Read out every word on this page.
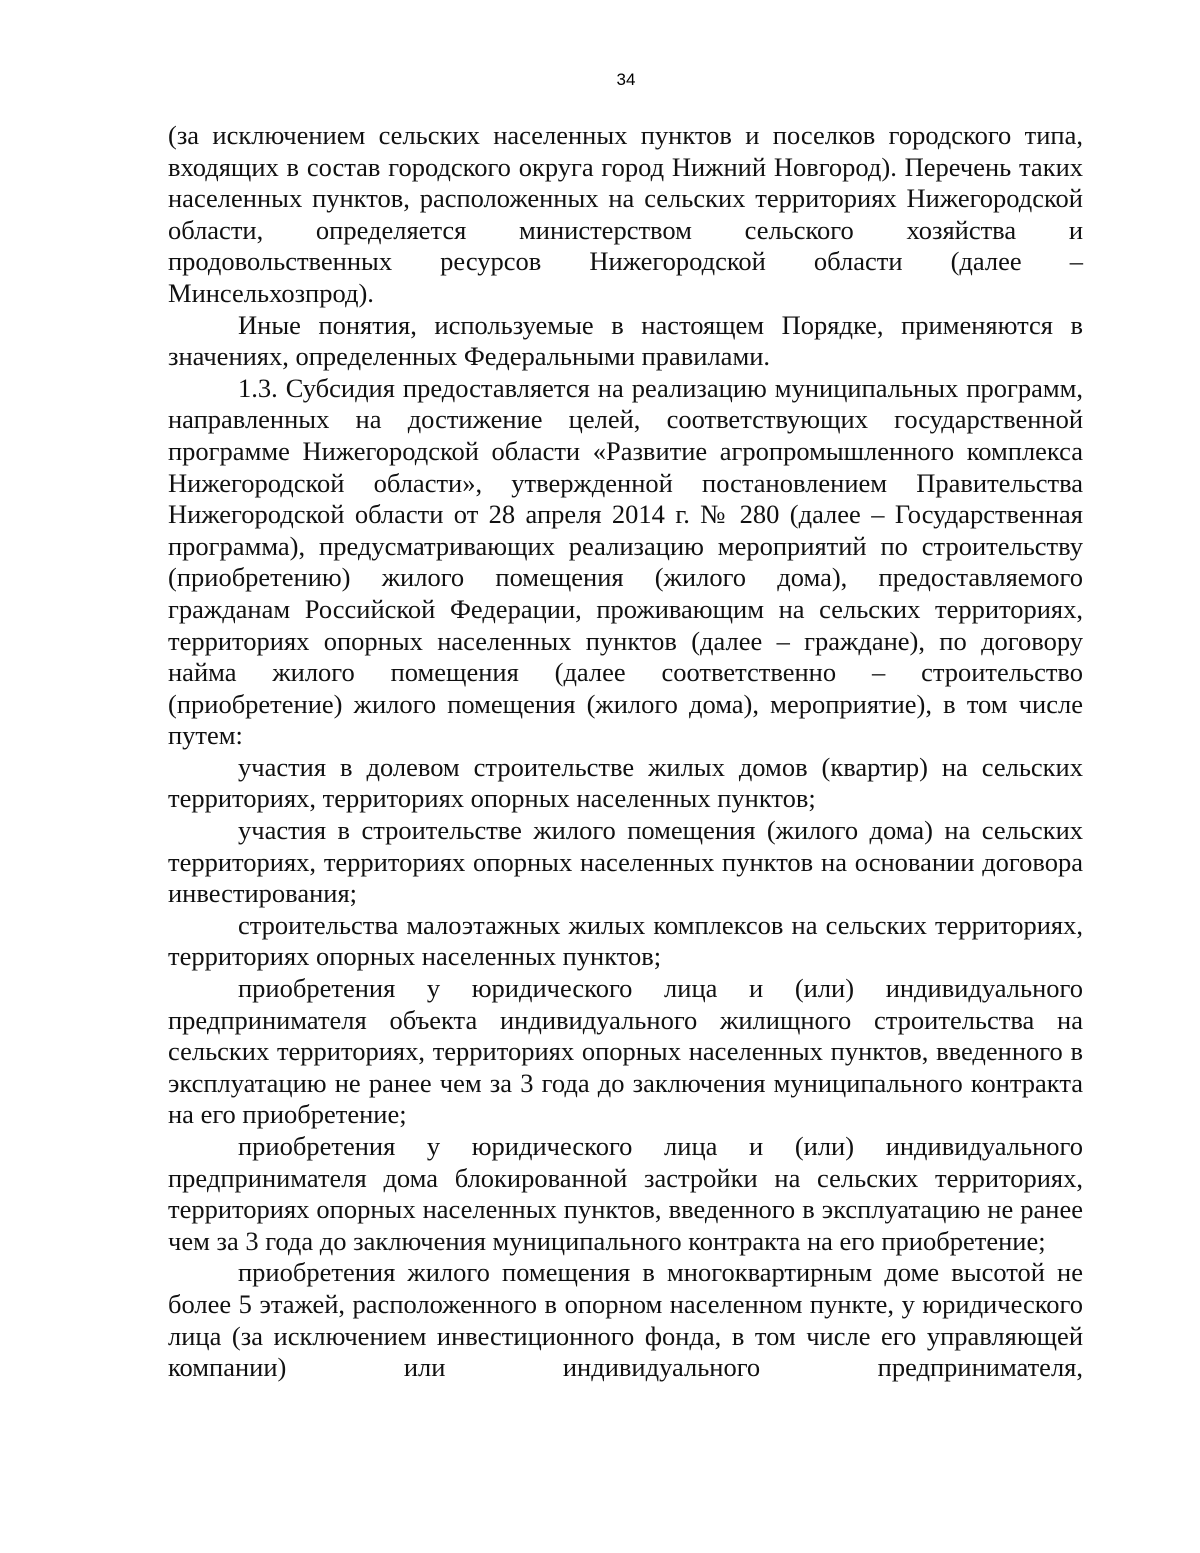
34

(за исключением сельских населенных пунктов и поселков городского типа, входящих в состав городского округа город Нижний Новгород). Перечень таких населенных пунктов, расположенных на сельских территориях Нижегородской области, определяется министерством сельского хозяйства и продовольственных ресурсов Нижегородской области (далее – Минсельхозпрод).

Иные понятия, используемые в настоящем Порядке, применяются в значениях, определенных Федеральными правилами.

1.3. Субсидия предоставляется на реализацию муниципальных программ, направленных на достижение целей, соответствующих государственной программе Нижегородской области «Развитие агропромышленного комплекса Нижегородской области», утвержденной постановлением Правительства Нижегородской области от 28 апреля 2014 г. № 280 (далее – Государственная программа), предусматривающих реализацию мероприятий по строительству (приобретению) жилого помещения (жилого дома), предоставляемого гражданам Российской Федерации, проживающим на сельских территориях, территориях опорных населенных пунктов (далее – граждане), по договору найма жилого помещения (далее соответственно – строительство (приобретение) жилого помещения (жилого дома), мероприятие), в том числе путем:

участия в долевом строительстве жилых домов (квартир) на сельских территориях, территориях опорных населенных пунктов;

участия в строительстве жилого помещения (жилого дома) на сельских территориях, территориях опорных населенных пунктов на основании договора инвестирования;

строительства малоэтажных жилых комплексов на сельских территориях, территориях опорных населенных пунктов;

приобретения у юридического лица и (или) индивидуального предпринимателя объекта индивидуального жилищного строительства на сельских территориях, территориях опорных населенных пунктов, введенного в эксплуатацию не ранее чем за 3 года до заключения муниципального контракта на его приобретение;

приобретения у юридического лица и (или) индивидуального предпринимателя дома блокированной застройки на сельских территориях, территориях опорных населенных пунктов, введенного в эксплуатацию не ранее чем за 3 года до заключения муниципального контракта на его приобретение;

приобретения жилого помещения в многоквартирным доме высотой не более 5 этажей, расположенного в опорном населенном пункте, у юридического лица (за исключением инвестиционного фонда, в том числе его управляющей компании) или индивидуального предпринимателя,
